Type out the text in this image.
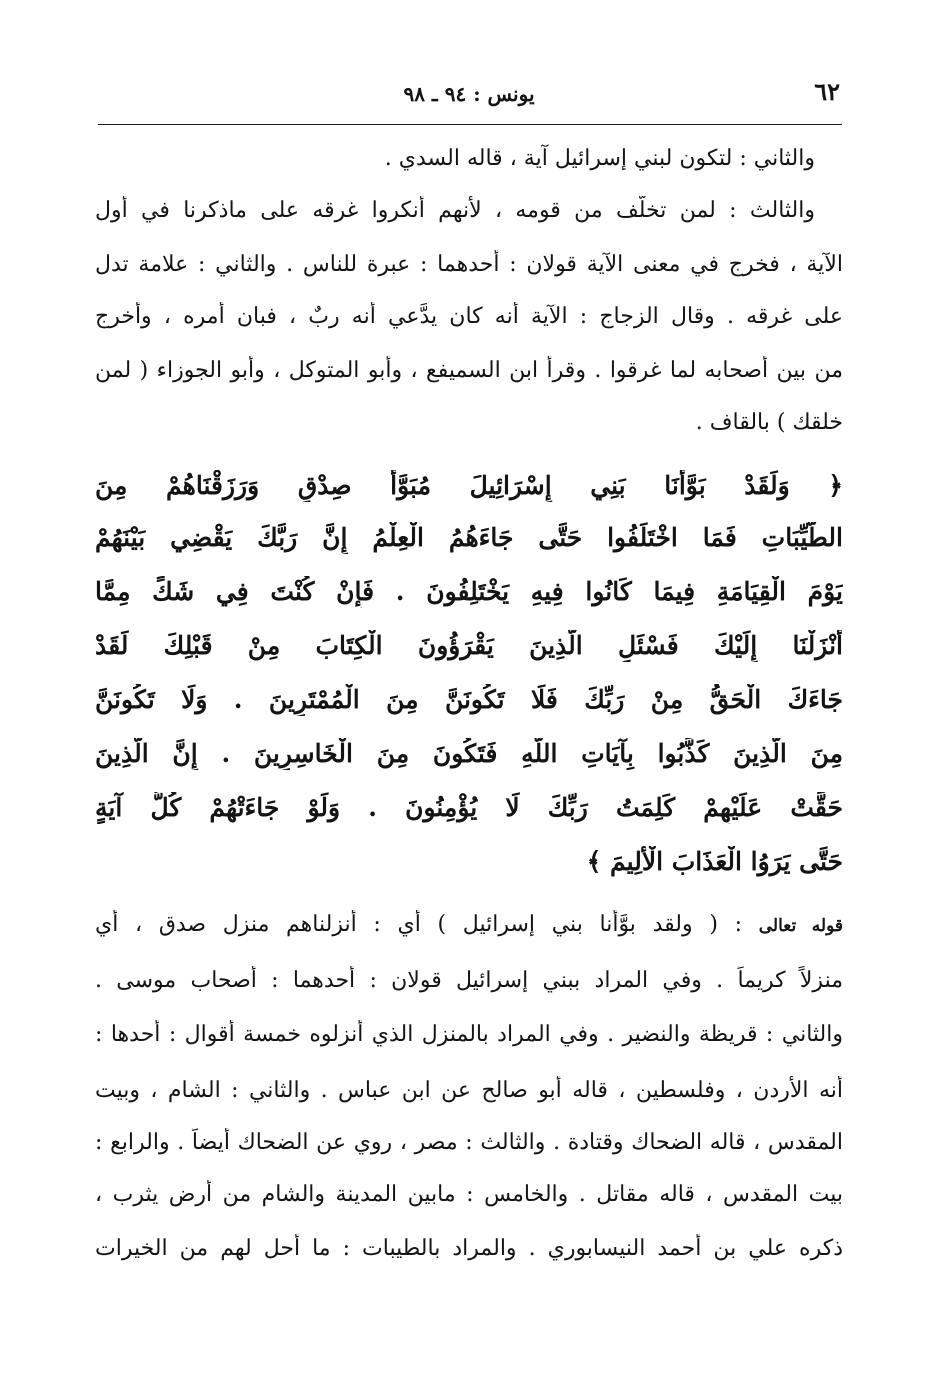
٦٢
يونس : ٩٤ ـ ٩٨
والثاني : لتكون لبني إسرائيل آية ، قاله السدي .
والثالث : لمن تخلَّف من قومه ، لأنهم أنكروا غرقه على ماذكرنا في أول
الآية ، فخرج في معنى الآية قولان : أحدهما : عبرة للناس . والثاني : علامة تدل
على غرقه . وقال الزجاج : الآية أنه كان يدَّعي أنه ربٌ ، فبان أمره ، وأخرج
من بين أصحابه لما غرقوا . وقرأ ابن السميفع ، وأبو المتوكل ، وأبو الجوزاء ( لمن
خلقك ) بالقاف .
﴿ وَلَقَدْ بَوَّأْنَا بَنِي إِسْرَائِيلَ مُبَوَّأَ صِدْقٍ وَرَزَقْنَاهُمْ مِنَ
الطَّيِّبَاتِ فَمَا اخْتَلَفُوا حَتَّى جَاءَهُمُ الْعِلْمُ إِنَّ رَبَّكَ يَقْضِي بَيْنَهُمْ
يَوْمَ الْقِيَامَةِ فِيمَا كَانُوا فِيهِ يَخْتَلِفُونَ . فَإِنْ كُنْتَ فِي شَكٍّ مِمَّا
أَنْزَلْنَا إِلَيْكَ فَسْئَلِ الَّذِينَ يَقْرَؤُونَ الْكِتَابَ مِنْ قَبْلِكَ لَقَدْ
جَاءَكَ الْحَقُّ مِنْ رَبِّكَ فَلَا تَكُونَنَّ مِنَ الْمُمْتَرِينَ . وَلَا تَكُونَنَّ
مِنَ الَّذِينَ كَذَّبُوا بِآيَاتِ اللَّهِ فَتَكُونَ مِنَ الْخَاسِرِينَ . إِنَّ الَّذِينَ
حَقَّتْ عَلَيْهِمْ كَلِمَتُ رَبِّكَ لَا يُؤْمِنُونَ . وَلَوْ جَاءَتْهُمْ كُلُّ آيَةٍ
حَتَّى يَرَوُا الْعَذَابَ الْأَلِيمَ ﴾
قوله تعالى : ( ولقد بوَّأنا بني إسرائيل ) أي : أنزلناهم منزل صدق ، أي
منزلاً كريماً . وفي المراد ببني إسرائيل قولان : أحدهما : أصحاب موسى .
والثاني : قريظة والنضير . وفي المراد بالمنزل الذي أُنزلوه خمسة أقوال : أحدها :
أنه الأردن ، وفلسطين ، قاله أبو صالح عن ابن عباس . والثاني : الشام ، وبيت
المقدس ، قاله الضحاك وقتادة . والثالث : مصر ، روي عن الضحاك أيضاً . والرابع :
بيت المقدس ، قاله مقاتل . والخامس : مابين المدينة والشام من أرض يثرب ،
ذكره علي بن أحمد النيسابوري . والمراد بالطيبات : ما أُحل لهم من الخيرات
